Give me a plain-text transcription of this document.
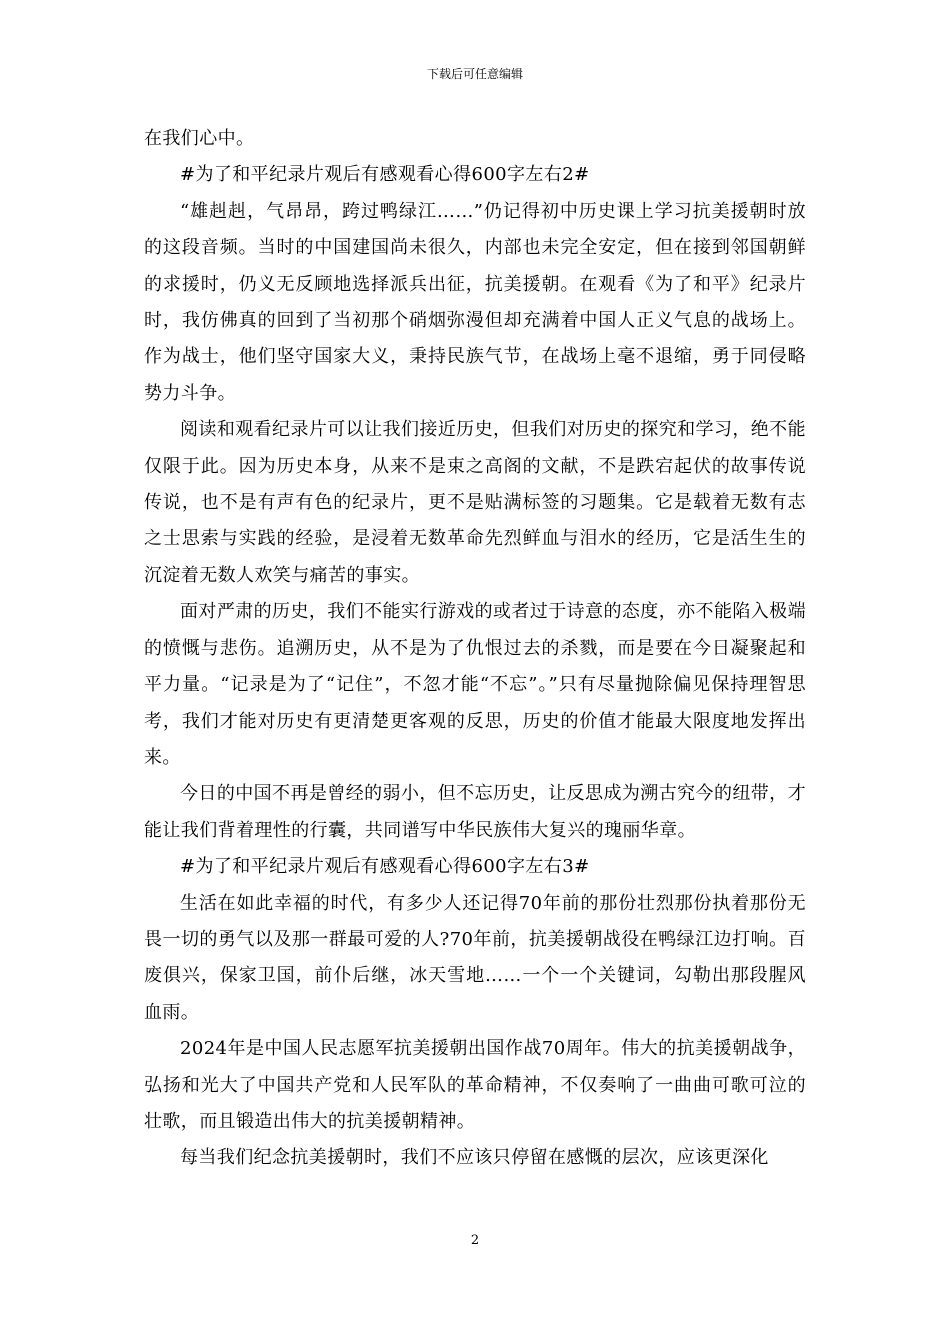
下载后可任意编辑

在我们心中。

#为了和平纪录片观后有感观看心得600字左右2#

“雄赳赳，气昂昂，跨过鸭绿江……”仍记得初中历史课上学习抗美援朝时放的这段音频。当时的中国建国尚未很久，内部也未完全安定，但在接到邻国朝鲜的求援时，仍义无反顾地选择派兵出征，抗美援朝。在观看《为了和平》纪录片时，我仿佛真的回到了当初那个硝烟弥漫但却充满着中国人正义气息的战场上。作为战士，他们坚守国家大义，秉持民族气节，在战场上毫不退缩，勇于同侵略势力斗争。

阅读和观看纪录片可以让我们接近历史，但我们对历史的探究和学习，绝不能仅限于此。因为历史本身，从来不是束之高阁的文献，不是跌宕起伏的故事传说传说，也不是有声有色的纪录片，更不是贴满标签的习题集。它是载着无数有志之士思索与实践的经验，是浸着无数革命先烈鲜血与泪水的经历，它是活生生的沉淀着无数人欢笑与痛苦的事实。

面对严肃的历史，我们不能实行游戏的或者过于诗意的态度，亦不能陷入极端的愤慨与悲伤。追溯历史，从不是为了仇恨过去的杀戮，而是要在今日凝聚起和平力量。“记录是为了“记住”，不忽才能“不忘”。”只有尽量抛除偏见保持理智思考，我们才能对历史有更清楚更客观的反思，历史的价值才能最大限度地发挥出来。

今日的中国不再是曾经的弱小，但不忘历史，让反思成为溯古究今的纽带，才能让我们背着理性的行囊，共同谱写中华民族伟大复兴的瑰丽华章。

#为了和平纪录片观后有感观看心得600字左右3#

生活在如此幸福的时代，有多少人还记得70年前的那份壮烈那份执着那份无畏一切的勇气以及那一群最可爱的人?70年前，抗美援朝战役在鸭绿江边打响。百废俱兴，保家卫国，前仆后继，冰天雪地……一个一个关键词，勾勒出那段腥风血雨。

2024年是中国人民志愿军抗美援朝出国作战70周年。伟大的抗美援朝战争，弘扬和光大了中国共产党和人民军队的革命精神，不仅奏响了一曲曲可歌可泣的壮歌，而且锻造出伟大的抗美援朝精神。

每当我们纪念抗美援朝时，我们不应该只停留在感慨的层次，应该更深化

2
